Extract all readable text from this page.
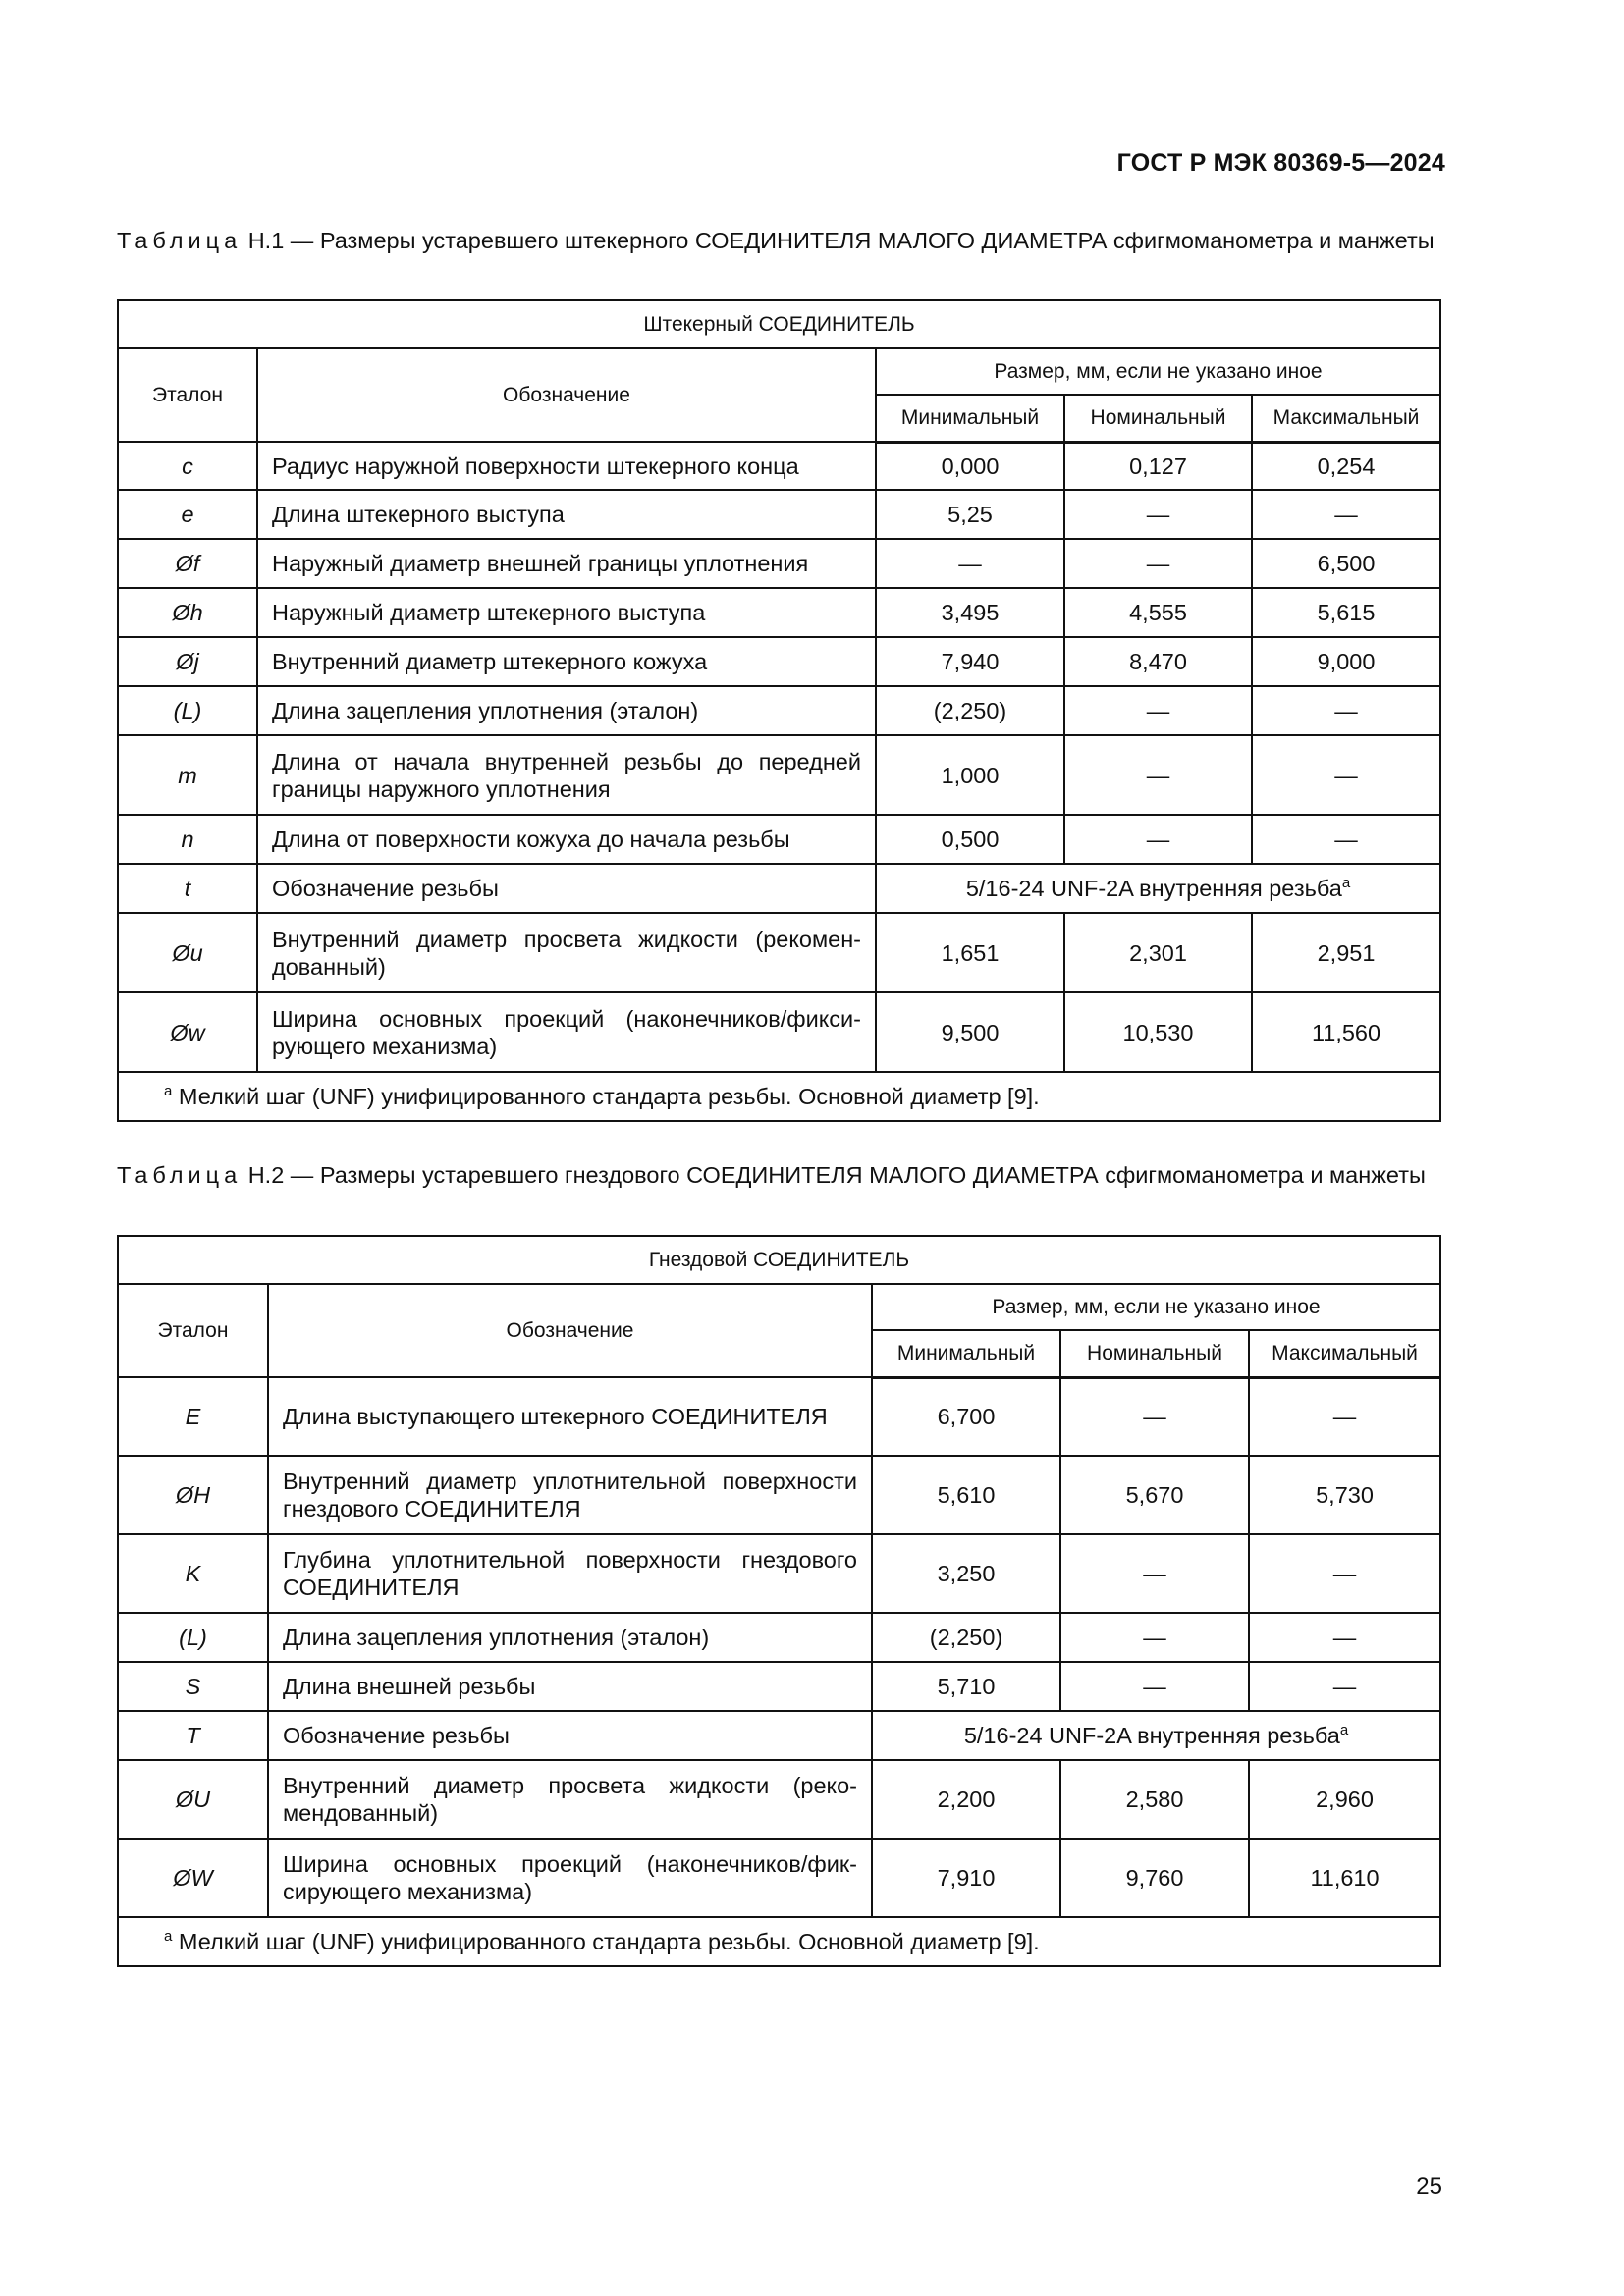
ГОСТ Р МЭК 80369-5—2024
Таблица Н.1 — Размеры устаревшего штекерного СОЕДИНИТЕЛЯ МАЛОГО ДИАМЕТРА сфигмоманометра и манжеты
Штекерный СОЕДИНИТЕЛЬ				
Эталон	Обозначение	Размер, мм, если не указано иное		
		Минимальный	Номинальный	Максимальный
c	Радиус наружной поверхности штекерного конца	0,000	0,127	0,254
e	Длина штекерного выступа	5,25	—	—
Øf	Наружный диаметр внешней границы уплотнения	—	—	6,500
Øh	Наружный диаметр штекерного выступа	3,495	4,555	5,615
Øj	Внутренний диаметр штекерного кожуха	7,940	8,470	9,000
(L)	Длина зацепления уплотнения (эталон)	(2,250)	—	—
m	Длина от начала внутренней резьбы до передней границы наружного уплотнения	1,000	—	—
n	Длина от поверхности кожуха до начала резьбы	0,500	—	—
t	Обозначение резьбы	5/16-24 UNF-2A внутренняя резьба$^a$
Øu	Внутренний диаметр просвета жидкости (рекомендованный)	1,651	2,301	2,951
Øw	Ширина основных проекций (наконечников/фиксирующего механизма)	9,500	10,530	11,560
$^a$ Мелкий шаг (UNF) унифицированного стандарта резьбы. Основной диаметр [9].				
Таблица Н.2 — Размеры устаревшего гнездового СОЕДИНИТЕЛЯ МАЛОГО ДИАМЕТРА сфигмоманометра и манжеты
Гнездовой СОЕДИНИТЕЛЬ				
Эталон	Обозначение	Размер, мм, если не указано иное		
		Минимальный	Номинальный	Максимальный
E	Длина выступающего штекерного СОЕДИНИТЕЛЯ	6,700	—	—
ØH	Внутренний диаметр уплотнительной поверхности гнездового СОЕДИНИТЕЛЯ	5,610	5,670	5,730
K	Глубина уплотнительной поверхности гнездового СОЕДИНИТЕЛЯ	3,250	—	—
(L)	Длина зацепления уплотнения (эталон)	(2,250)	—	—
S	Длина внешней резьбы	5,710	—	—
T	Обозначение резьбы	5/16-24 UNF-2A внутренняя резьба$^a$
ØU	Внутренний диаметр просвета жидкости (рекомендованный)	2,200	2,580	2,960
ØW	Ширина основных проекций (наконечников/фиксирующего механизма)	7,910	9,760	11,610
$^a$ Мелкий шаг (UNF) унифицированного стандарта резьбы. Основной диаметр [9].				
25
